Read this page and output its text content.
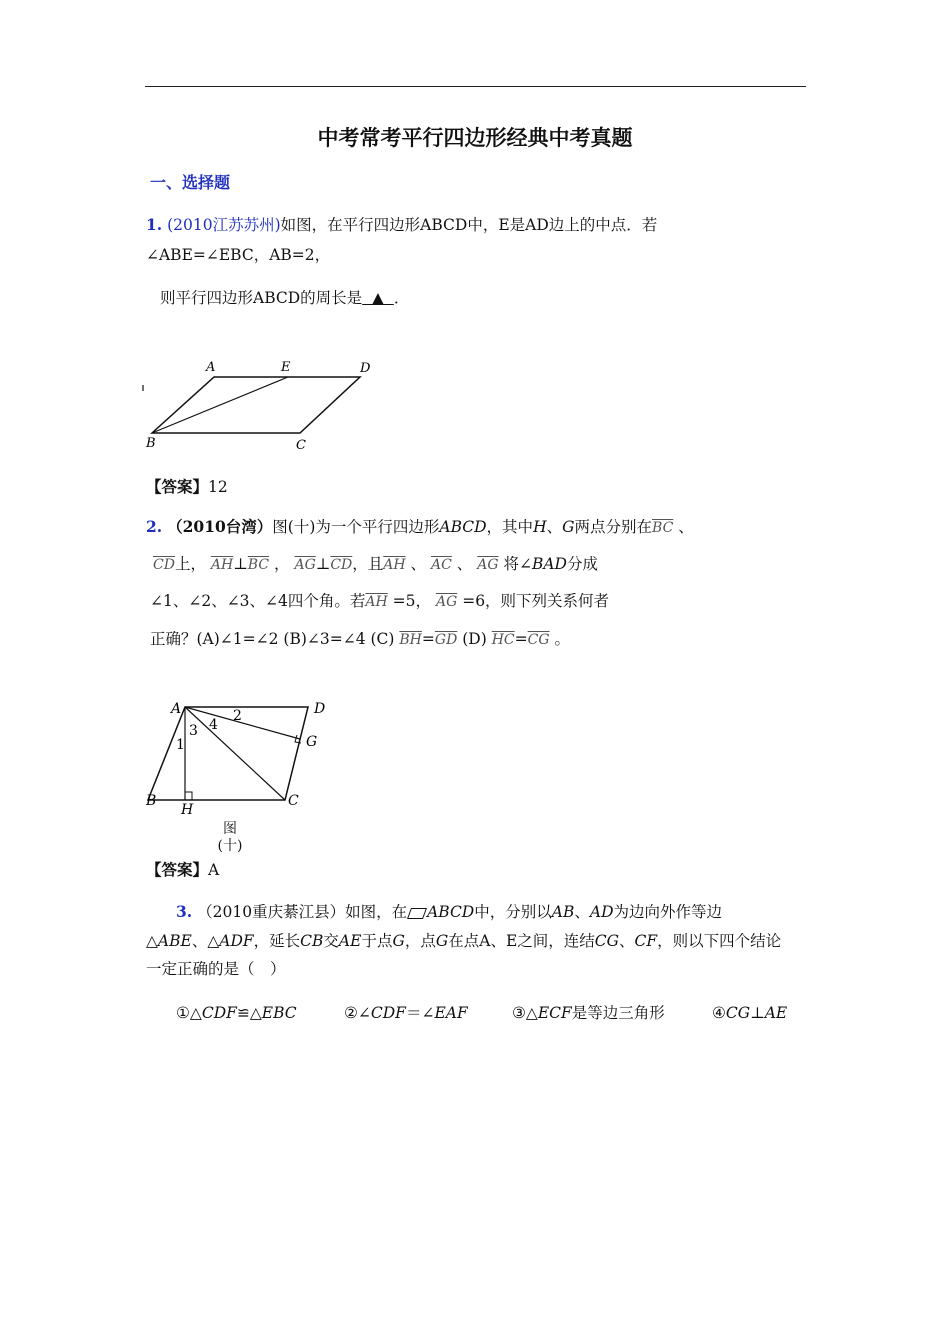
中考常考平行四边形经典中考真题
一、选择题
1. (2010江苏苏州)如图，在平行四边形ABCD中，E是AD边上的中点．若
∠ABE=∠EBC，AB=2，
则平行四边形ABCD的周长是 ▲ ．
A	E	D
B	C
【答案】12
2. （2010台湾）图(十)为一个平行四边形ABCD，其中H、G两点分别在$\overline{BC}$ 、
$\overline{CD}$上， $\overline{AH}\perp\overline{BC}$ ， $\overline{AG}\perp\overline{CD}$，且$\overline{AH}$ 、 $\overline{AC}$ 、 $\overline{AG}$ 将∠BAD分成
∠1、∠2、∠3、∠4四个角。若$\overline{AH} =5$， $\overline{AG} =6$，则下列关系何者
正确？(A)∠1=∠2 (B)∠3=∠4 (C) $\overline{BH}=\overline{GD}$ (D) $\overline{HC}=\overline{CG}$ 。
A	D
G
B	C
H
1
2
3 4
图
(十)
【答案】A
3. （2010重庆綦江县）如图，在 ABCD中，分别以AB、AD为边向外作等边
△ABE、△ADF，延长CB交AE于点G，点G在点A、E之间，连结CG、CF，则以下四个结论
一定正确的是（　）
①△CDF≌△EBC	②∠CDF＝∠EAF	③△ECF是等边三角形	④CG⊥AE
